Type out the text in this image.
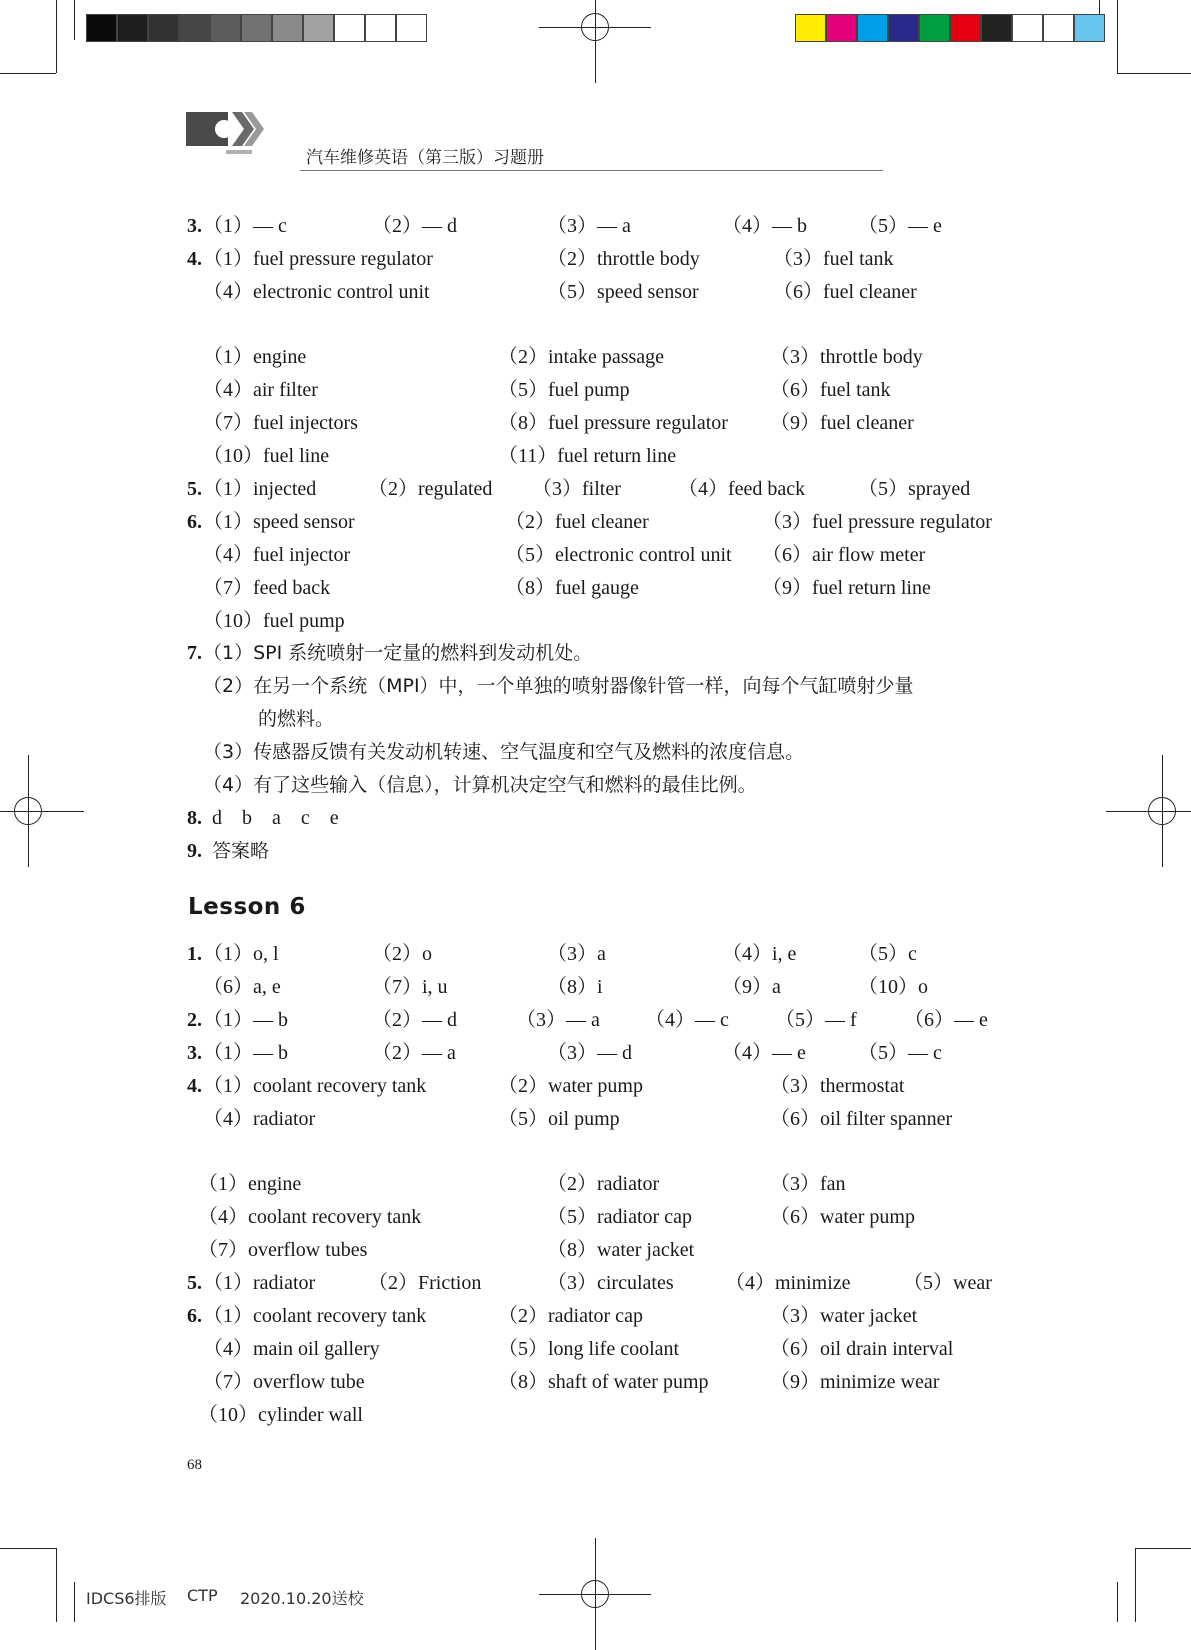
汽车维修英语（第三版）习题册
3. （1）— c	（2）— d	（3）— a	（4）— b	（5）— e
4. （1）fuel pressure regulator	（2）throttle body	（3）fuel tank
（4）electronic control unit	（5）speed sensor	（6）fuel cleaner
（1）engine	（2）intake passage	（3）throttle body
（4）air filter	（5）fuel pump	（6）fuel tank
（7）fuel injectors	（8）fuel pressure regulator （9）fuel cleaner
（10）fuel line	（11）fuel return line
5. （1）injected	（2）regulated （3）filter	（4）feed back	（5）sprayed
6. （1）speed sensor	（2）fuel cleaner	（3）fuel pressure regulator
（4）fuel injector	（5）electronic control unit （6）air flow meter
（7）feed back	（8）fuel gauge	（9）fuel return line
（10）fuel pump
7. （1）SPI 系统喷射一定量的燃料到发动机处。
（2）在另一个系统（MPI）中，一个单独的喷射器像针管一样，向每个气缸喷射少量
的燃料。
（3）传感器反馈有关发动机转速、空气温度和空气及燃料的浓度信息。
（4）有了这些输入（信息），计算机决定空气和燃料的最佳比例。
8. d　b　a　c　e
9. 答案略
1. （1）o, l	（2）o	（3）a	（4）i, e	（5）c
（6）a, e	（7）i, u	（8）i	（9）a	（10）o
2. （1）— b	（2）— d	（3）— a （4）— c （5）— f （6）— e
3. （1）— b	（2）— a	（3）— d	（4）— e	（5）— c
4. （1）coolant recovery tank	（2）water pump	（3）thermostat
（4）radiator	（5）oil pump	（6）oil filter spanner
（1）engine	（2）radiator	（3）fan
（4）coolant recovery tank	（5）radiator cap	（6）water pump
（7）overflow tubes	（8）water jacket
5. （1）radiator	（2）Friction	（3）circulates	（4）minimize	（5）wear
6. （1）coolant recovery tank	（2）radiator cap	（3）water jacket
（4）main oil gallery	（5）long life coolant	（6）oil drain interval
（7）overflow tube	（8）shaft of water pump	（9）minimize wear
（10）cylinder wall
Lesson 6
68
IDCS6排版 CTP 2020.10.20送校
